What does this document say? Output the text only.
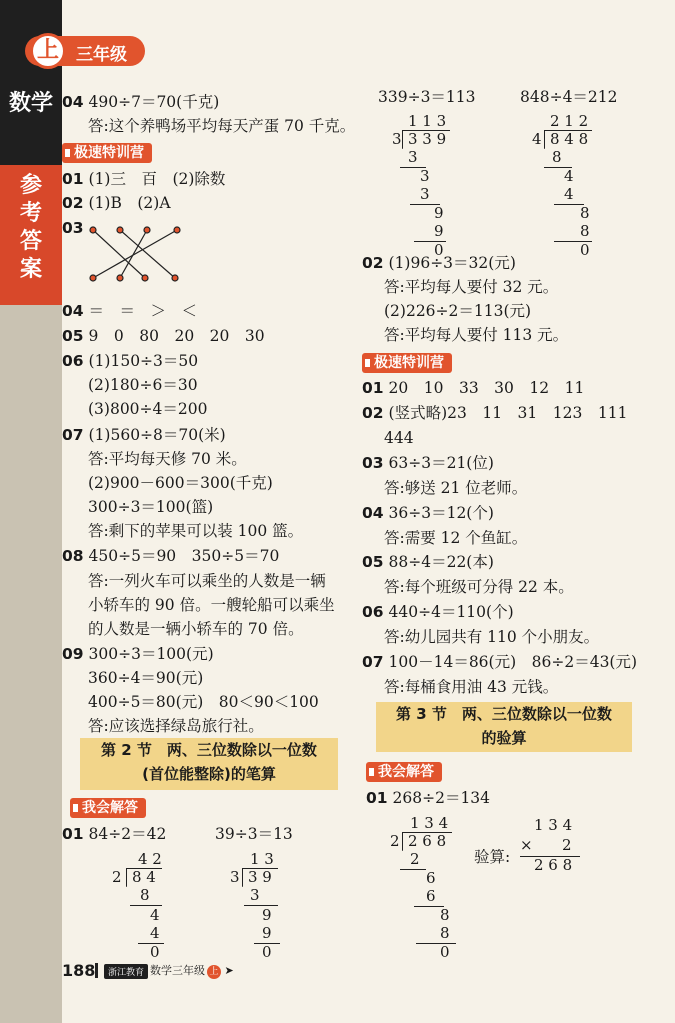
上	三年级
数学
参考答案
04 490÷7＝70(千克)
答:这个养鸭场平均每天产蛋 70 千克。
极速特训营
01 (1)三　百　(2)除数
02 (1)B　(2)A
03
04 ＝　＝　＞　＜
05 9　0　80　20　20　30
06 (1)150÷3＝50
(2)180÷6＝30
(3)800÷4＝200
07 (1)560÷8＝70(米)
答:平均每天修 70 米。
(2)900－600＝300(千克)
300÷3＝100(篮)
答:剩下的苹果可以装 100 篮。
08 450÷5＝90　350÷5＝70
答:一列火车可以乘坐的人数是一辆
小轿车的 90 倍。一艘轮船可以乘坐
的人数是一辆小轿车的 70 倍。
09 300÷3＝100(元)
360÷4＝90(元)
400÷5＝80(元)　80＜90＜100
答:应该选择绿岛旅行社。
第 2 节　两、三位数除以一位数
(首位能整除)的笔算
我会解答
01 84÷2＝42	39÷3＝13
4 2
2 8 4
8
4
4
0
1 3
3 3 9
3
9
9
0
339÷3＝113	848÷4＝212
1 1 3
3 3 3 9
3
3
3
9
9
0
2 1 2
4 8 4 8
8
4
4
8
8
0
02 (1)96÷3＝32(元)
答:平均每人要付 32 元。
(2)226÷2＝113(元)
答:平均每人要付 113 元。
极速特训营
01 20　10　33　30　12　11
02 (竖式略)23　11　31　123　111
444
03 63÷3＝21(位)
答:够送 21 位老师。
04 36÷3＝12(个)
答:需要 12 个鱼缸。
05 88÷4＝22(本)
答:每个班级可分得 22 本。
06 440÷4＝110(个)
答:幼儿园共有 110 个小朋友。
07 100－14＝86(元)　86÷2＝43(元)
答:每桶食用油 43 元钱。
第 3 节　两、三位数除以一位数
的验算
我会解答
01 268÷2＝134
1 3 4
2 2 6 8
2
6
6
8
8
0
验算:
1 3 4
× 2
2 6 8
188	浙江教育 数学三年级 上 ➤
